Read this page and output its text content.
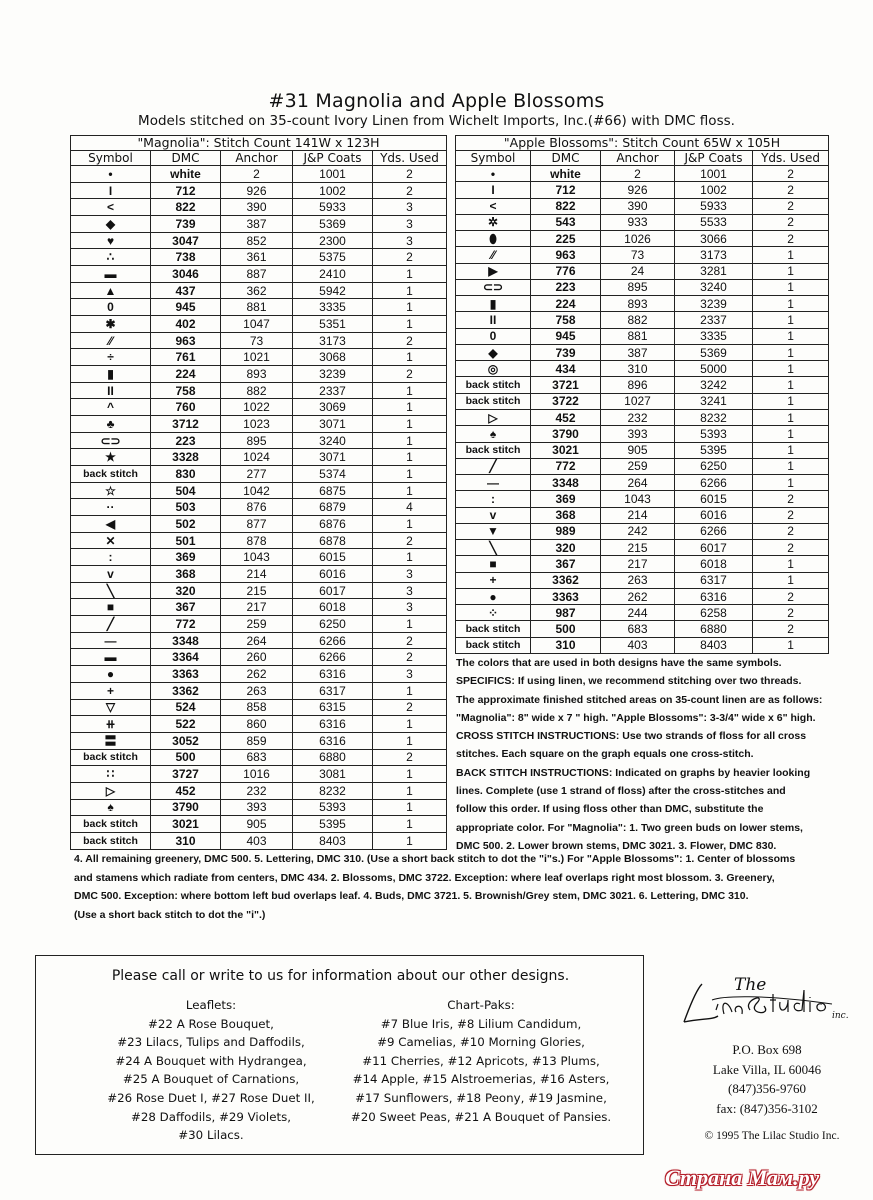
#31 Magnolia and Apple Blossoms
Models stitched on 35-count Ivory Linen from Wichelt Imports, Inc.(#66) with DMC floss.
"Magnolia": Stitch Count 141W x 123H				
Symbol	DMC	Anchor	J&P Coats	Yds. Used
•	white	2	1001	2
I	712	926	1002	2
<	822	390	5933	3
◆	739	387	5369	3
♥	3047	852	2300	3
∴	738	361	5375	2
▬	3046	887	2410	1
▲	437	362	5942	1
0	945	881	3335	1
✱	402	1047	5351	1
⁄⁄	963	73	3173	2
÷	761	1021	3068	1
▮	224	893	3239	2
II	758	882	2337	1
^	760	1022	3069	1
♣	3712	1023	3071	1
⊂⊃	223	895	3240	1
★	3328	1024	3071	1
back stitch	830	277	5374	1
☆	504	1042	6875	1
··	503	876	6879	4
◀	502	877	6876	1
✕	501	878	6878	2
:	369	1043	6015	1
v	368	214	6016	3
╲	320	215	6017	3
■	367	217	6018	3
╱	772	259	6250	1
—	3348	264	6266	2
▬	3364	260	6266	2
●	3363	262	6316	3
+	3362	263	6317	1
▽	524	858	6315	2
⧺	522	860	6316	1
〓	3052	859	6316	1
back stitch	500	683	6880	2
∷	3727	1016	3081	1
▷	452	232	8232	1
♠	3790	393	5393	1
back stitch	3021	905	5395	1
back stitch	310	403	8403	1
"Apple Blossoms": Stitch Count 65W x 105H				
Symbol	DMC	Anchor	J&P Coats	Yds. Used
•	white	2	1001	2
I	712	926	1002	2
<	822	390	5933	2
✲	543	933	5533	2
⬮	225	1026	3066	2
⁄⁄	963	73	3173	1
▶	776	24	3281	1
⊂⊃	223	895	3240	1
▮	224	893	3239	1
II	758	882	2337	1
0	945	881	3335	1
◆	739	387	5369	1
◎	434	310	5000	1
back stitch	3721	896	3242	1
back stitch	3722	1027	3241	1
▷	452	232	8232	1
♠	3790	393	5393	1
back stitch	3021	905	5395	1
╱	772	259	6250	1
—	3348	264	6266	1
:	369	1043	6015	2
v	368	214	6016	2
▼	989	242	6266	2
╲	320	215	6017	2
■	367	217	6018	1
+	3362	263	6317	1
●	3363	262	6316	2
⁘	987	244	6258	2
back stitch	500	683	6880	2
back stitch	310	403	8403	1
The colors that are used in both designs have the same symbols.
SPECIFICS: If using linen, we recommend stitching over two threads.
The approximate finished stitched areas on 35-count linen are as follows:
"Magnolia": 8" wide x 7 " high. "Apple Blossoms": 3-3/4" wide x 6" high.
CROSS STITCH INSTRUCTIONS: Use two strands of floss for all cross
stitches. Each square on the graph equals one cross-stitch.
BACK STITCH INSTRUCTIONS: Indicated on graphs by heavier looking
lines. Complete (use 1 strand of floss) after the cross-stitches and
follow this order. If using floss other than DMC, substitute the
appropriate color. For "Magnolia": 1. Two green buds on lower stems,
DMC 500. 2. Lower brown stems, DMC 3021. 3. Flower, DMC 830.
4. All remaining greenery, DMC 500. 5. Lettering, DMC 310. (Use a short back stitch to dot the "i"s.) For "Apple Blossoms": 1. Center of blossoms
and stamens which radiate from centers, DMC 434. 2. Blossoms, DMC 3722. Exception: where leaf overlaps right most blossom. 3. Greenery,
DMC 500. Exception: where bottom left bud overlaps leaf. 4. Buds, DMC 3721. 5. Brownish/Grey stem, DMC 3021. 6. Lettering, DMC 310.
(Use a short back stitch to dot the "i".)
Please call or write to us for information about our other designs.
Leaflets:
#22 A Rose Bouquet,
#23 Lilacs, Tulips and Daffodils,
#24 A Bouquet with Hydrangea,
#25 A Bouquet of Carnations,
#26 Rose Duet I, #27 Rose Duet II,
#28 Daffodils, #29 Violets,
#30 Lilacs.
Chart-Paks:
#7 Blue Iris, #8 Lilium Candidum,
#9 Camelias, #10 Morning Glories,
#11 Cherries, #12 Apricots, #13 Plums,
#14 Apple, #15 Alstroemerias, #16 Asters,
#17 Sunflowers, #18 Peony, #19 Jasmine,
#20 Sweet Peas, #21 A Bouquet of Pansies.
The
inc.
P.O. Box 698
Lake Villa, IL 60046
(847)356-9760
fax: (847)356-3102
© 1995 The Lilac Studio Inc.
Страна Мам.ру
